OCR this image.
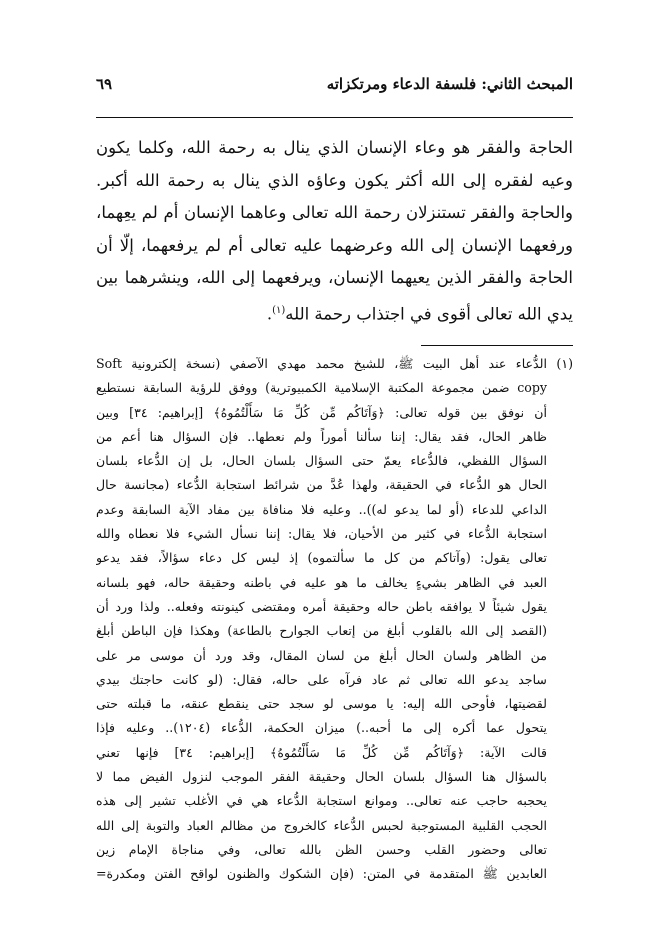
المبحث الثاني: فلسفة الدعاء ومرتكزاته
٦٩
الحاجة والفقر هو وعاء الإنسان الذي ينال به رحمة الله، وكلما يكون
وعيه لفقره إلى الله أكثر يكون وعاؤه الذي ينال به رحمة الله أكبر.
والحاجة والفقر تستنزلان رحمة الله تعالى وعاهما الإنسان أم لم يعِهما،
ورفعهما الإنسان إلى الله وعرضهما عليه تعالى أم لم يرفعهما، إلّا أن
الحاجة والفقر الذين يعيهما الإنسان، ويرفعهما إلى الله، وينشرهما بين
يدي الله تعالى أقوى في اجتذاب رحمة الله$^{(١)}$.
(١)
الدُّعاء عند أهل البيت ﷺ، للشيخ محمد مهدي الآصفي (نسخة إلكترونية Soft
copy ضمن مجموعة المكتبة الإسلامية الكمبيوترية) ووفق للرؤية السابقة نستطيع
أن نوفق بين قوله تعالى: ﴿وَآتَاكُم مِّن كُلِّ مَا سَأَلْتُمُوهُ﴾ [إبراهيم: ٣٤] وبين
ظاهر الحال، فقد يقال: إننا سألنا أموراً ولم نعطها.. فإن السؤال هنا أعم من
السؤال اللفظي، فالدُّعاء يعمّ حتى السؤال بلسان الحال، بل إن الدُّعاء بلسان
الحال هو الدُّعاء في الحقيقة، ولهذا عُدَّ من شرائط استجابة الدُّعاء (مجانسة حال
الداعي للدعاء (أو لما يدعو له)).. وعليه فلا منافاة بين مفاد الآية السابقة وعدم
استجابة الدُّعاء في كثير من الأحيان، فلا يقال: إننا نسأل الشيء فلا نعطاه والله
تعالى يقول: (وآتاكم من كل ما سألتموه) إذ ليس كل دعاء سؤالاً، فقد يدعو
العبد في الظاهر بشيءٍ يخالف ما هو عليه في باطنه وحقيقة حاله، فهو بلسانه
يقول شيئاً لا يوافقه باطن حاله وحقيقة أمره ومقتضى كينونته وفعله.. ولذا ورد أن
(القصد إلى الله بالقلوب أبلغ من إتعاب الجوارح بالطاعة) وهكذا فإن الباطن أبلغ
من الظاهر ولسان الحال أبلغ من لسان المقال، وقد ورد أن موسى مر على
ساجد يدعو الله تعالى ثم عاد فرآه على حاله، فقال: (لو كانت حاجتك بيدي
لقضيتها، فأوحى الله إليه: يا موسى لو سجد حتى ينقطع عنقه، ما قبلته حتى
يتحول عما أكره إلى ما أحبه..) ميزان الحكمة، الدُّعاء (١٢٠٤).. وعليه فإذا
قالت الآية: ﴿وَآتَاكُم مِّن كُلِّ مَا سَأَلْتُمُوهُ﴾ [إبراهيم: ٣٤] فإنها تعني
بالسؤال هنا السؤال بلسان الحال وحقيقة الفقر الموجب لنزول الفيض مما لا
يحجبه حاجب عنه تعالى.. وموانع استجابة الدُّعاء هي في الأغلب تشير إلى هذه
الحجب القلبية المستوجبة لحبس الدُّعاء كالخروج من مظالم العباد والتوبة إلى الله
تعالى وحضور القلب وحسن الظن بالله تعالى، وفي مناجاة الإمام زين
العابدين ﷺ المتقدمة في المتن: (فإن الشكوك والظنون لواقح الفتن ومكدرة=
